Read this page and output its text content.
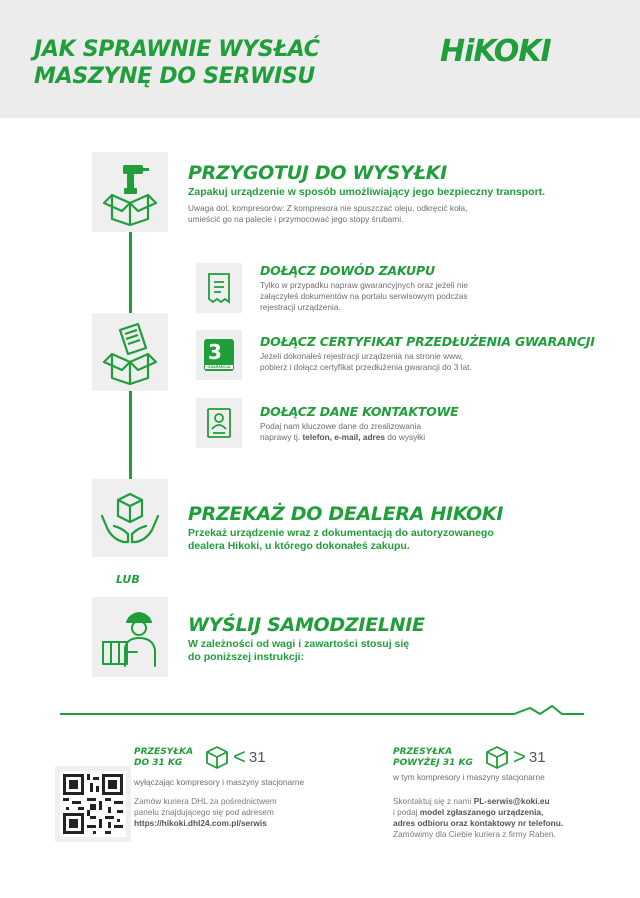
JAK SPRAWNIE WYSŁAĆ
MASZYNĘ DO SERWISU
HiKOKI
PRZYGOTUJ DO WYSYŁKI
Zapakuj urządzenie w sposób umożliwiający jego bezpieczny transport.
Uwaga dot. kompresorów: Z kompresora nie spuszczać oleju, odkręcić koła,
umieścić go na palecie i przymocować jego stopy śrubami.
DOŁĄCZ DOWÓD ZAKUPU
Tylko w przypadku napraw gwarancyjnych oraz jeżeli nie
załączyłeś dokumentów na portalu serwisowym podczas
rejestracji urządzenia.
3
GWARANCJA
DOŁĄCZ CERTYFIKAT PRZEDŁUŻENIA GWARANCJI
Jeżeli dokonałeś rejestracji urządzenia na stronie www,
pobierz i dołącz certyfikat przedłużenia gwarancji do 3 lat.
DOŁĄCZ DANE KONTAKTOWE
Podaj nam kluczowe dane do zrealizowania
naprawy tj. telefon, e-mail, adres do wysyłki
PRZEKAŻ DO DEALERA HIKOKI
Przekaż urządzenie wraz z dokumentacją do autoryzowanego
dealera Hikoki, u którego dokonałeś zakupu.
LUB
WYŚLIJ SAMODZIELNIE
W zależności od wagi i zawartości stosuj się
do poniższej instrukcji:
PRZESYŁKA
DO 31 KG	< 31
wyłączając kompresory i maszyny stacjonarne
Zamów kuriera DHL za pośrednictwem
panelu znajdującego się pod adresem
https://hikoki.dhl24.com.pl/serwis
PRZESYŁKA
POWYŻEJ 31 KG > 31
w tym kompresory i maszyny stacjonarne
Skontaktuj się z nami PL-serwis@koki.eu
i podaj model zgłaszanego urządzenia,
adres odbioru oraz kontaktowy nr telefonu.
Zamówimy dla Ciebie kuriera z firmy Raben.
